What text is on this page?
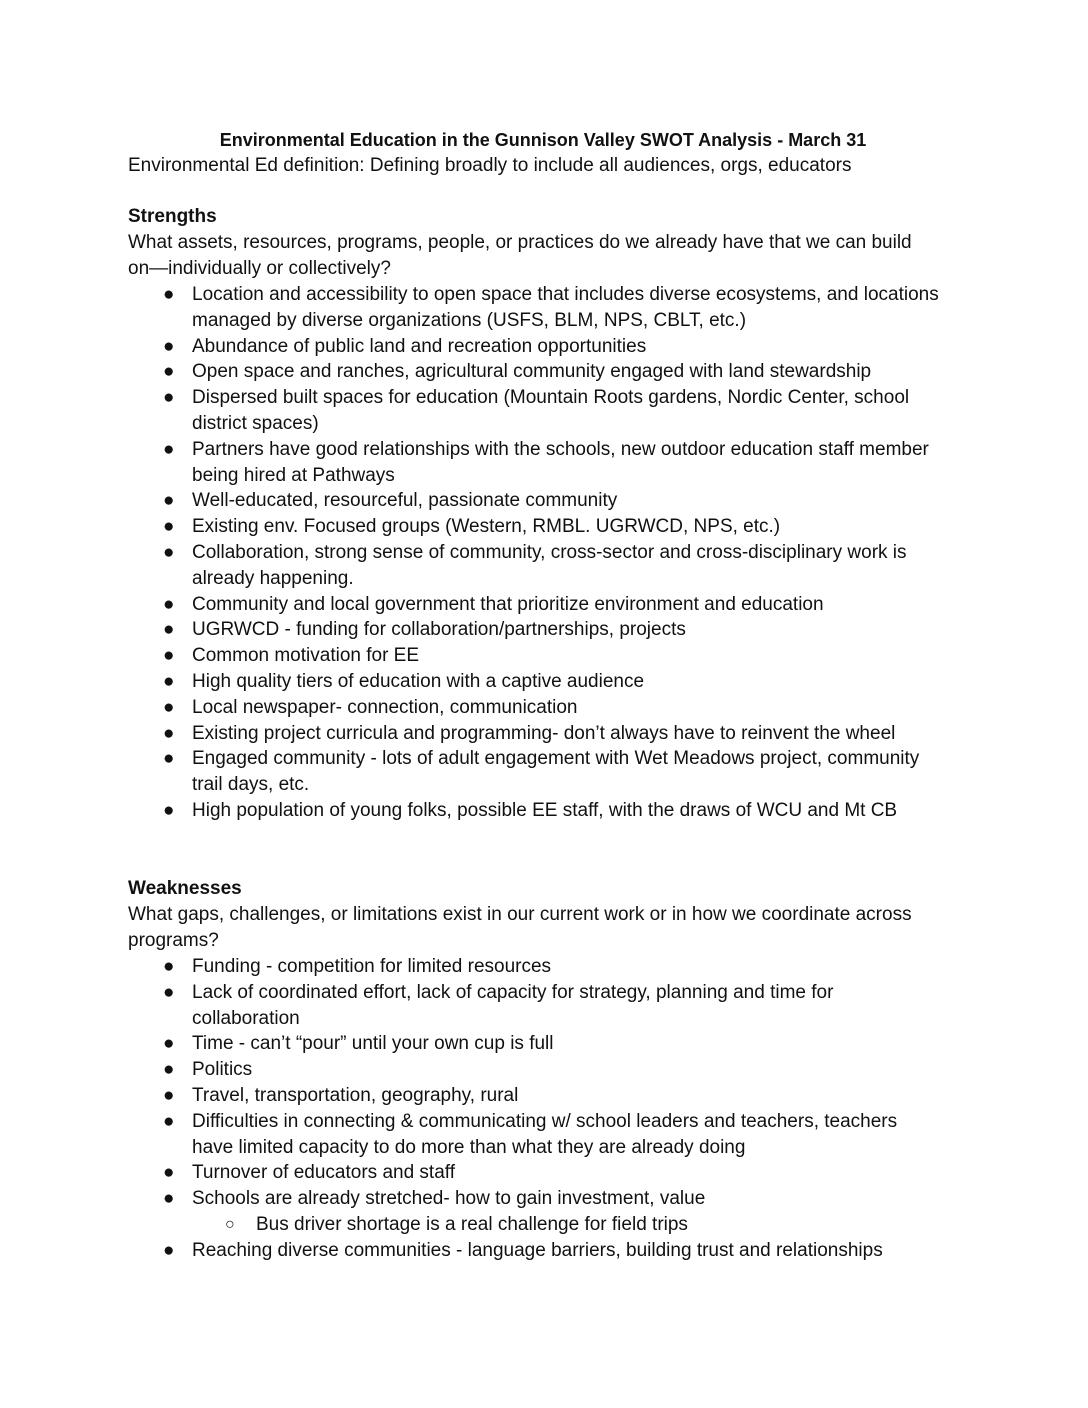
Environmental Education in the Gunnison Valley SWOT Analysis - March 31
Environmental Ed definition: Defining broadly to include all audiences, orgs, educators
Strengths
What assets, resources, programs, people, or practices do we already have that we can build
on—individually or collectively?
● Location and accessibility to open space that includes diverse ecosystems, and locations
managed by diverse organizations (USFS, BLM, NPS, CBLT, etc.)
● Abundance of public land and recreation opportunities
● Open space and ranches, agricultural community engaged with land stewardship
● Dispersed built spaces for education (Mountain Roots gardens, Nordic Center, school
district spaces)
● Partners have good relationships with the schools, new outdoor education staff member
being hired at Pathways
● Well-educated, resourceful, passionate community
● Existing env. Focused groups (Western, RMBL. UGRWCD, NPS, etc.)
● Collaboration, strong sense of community, cross-sector and cross-disciplinary work is
already happening.
● Community and local government that prioritize environment and education
● UGRWCD - funding for collaboration/partnerships, projects
● Common motivation for EE
● High quality tiers of education with a captive audience
● Local newspaper- connection, communication
● Existing project curricula and programming- don’t always have to reinvent the wheel
● Engaged community - lots of adult engagement with Wet Meadows project, community
trail days, etc.
● High population of young folks, possible EE staff, with the draws of WCU and Mt CB
Weaknesses
What gaps, challenges, or limitations exist in our current work or in how we coordinate across
programs?
● Funding - competition for limited resources
● Lack of coordinated effort, lack of capacity for strategy, planning and time for
collaboration
● Time - can’t “pour” until your own cup is full
● Politics
● Travel, transportation, geography, rural
● Difficulties in connecting & communicating w/ school leaders and teachers, teachers
have limited capacity to do more than what they are already doing
● Turnover of educators and staff
● Schools are already stretched- how to gain investment, value
○ Bus driver shortage is a real challenge for field trips
● Reaching diverse communities - language barriers, building trust and relationships
